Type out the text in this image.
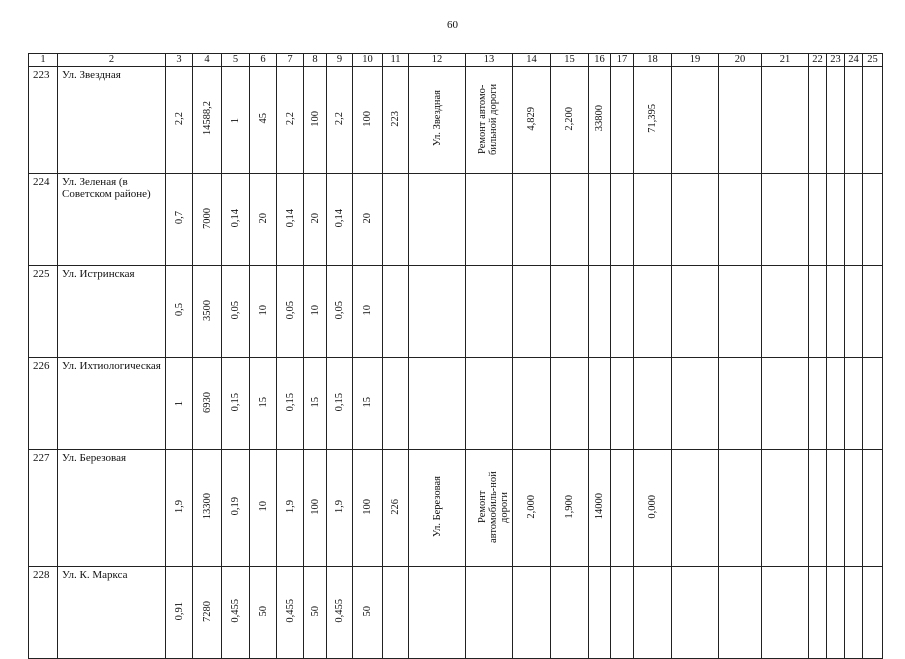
60
1	2	3	4	5	6	7	8	9	10	11	12	13	14	15	16	17	18	19	20	21	22	23	24	25
223	Ул. Звездная	2,2	14588,2	1	45	2,2	100	2,2	100	223	Ул. Звездная	Ремонт автомо-бильной дороги	4,829	2,200	33800		71,395							
224	Ул. Зеленая (в Советском районе)	0,7	7000	0,14	20	0,14	20	0,14	20															
225	Ул. Истринская	0,5	3500	0,05	10	0,05	10	0,05	10															
226	Ул. Ихтиологическая	1	6930	0,15	15	0,15	15	0,15	15															
227	Ул. Березовая	1,9	13300	0,19	10	1,9	100	1,9	100	226	Ул. Березовая	Ремонт автомобиль-ной дороги	2,000	1,900	14000		0,000							
228	Ул. К. Маркса	0,91	7280	0,455	50	0,455	50	0,455	50															
